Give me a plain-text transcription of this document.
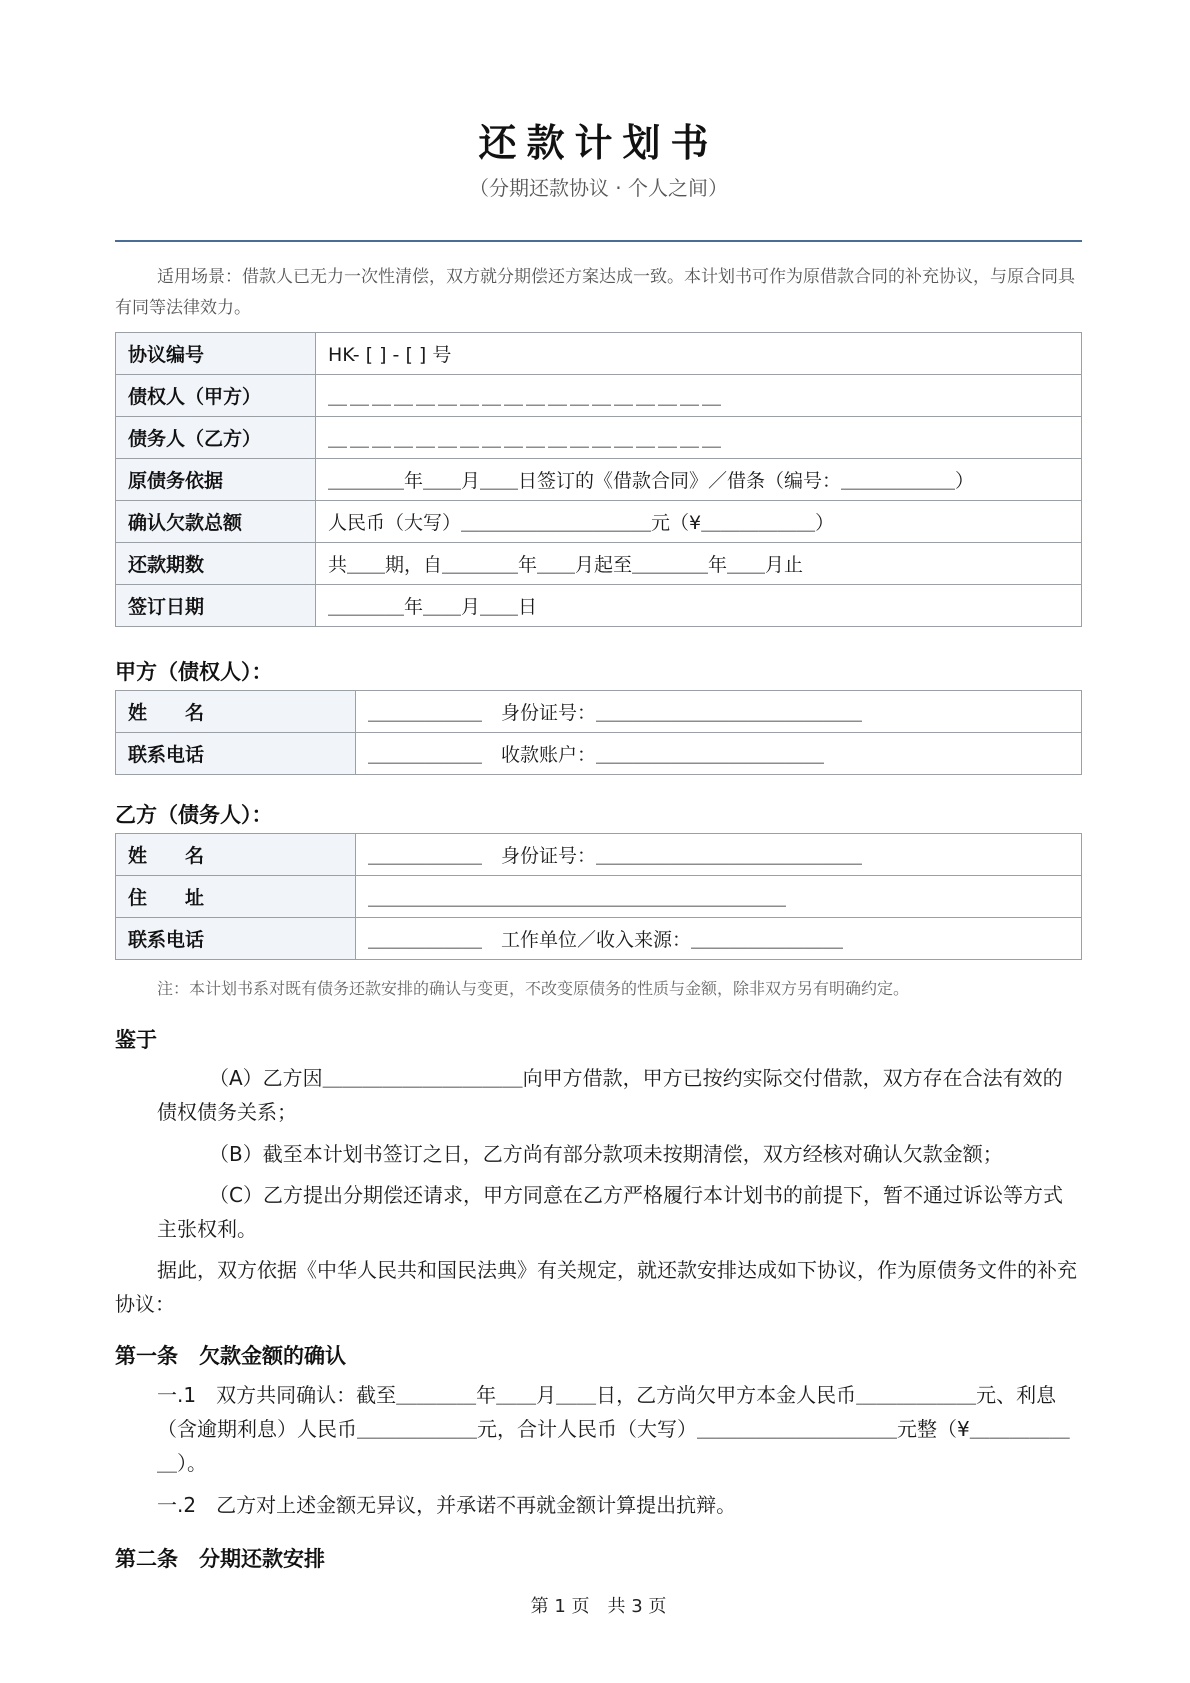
还款计划书
（分期还款协议 · 个人之间）
适用场景：借款人已无力一次性清偿，双方就分期偿还方案达成一致。本计划书可作为原借款合同的补充协议，与原合同具有同等法律效力。
协议编号	HK- [ ] - [ ] 号
债权人（甲方）	＿＿＿＿＿＿＿＿＿＿＿＿＿＿＿＿＿＿
债务人（乙方）	＿＿＿＿＿＿＿＿＿＿＿＿＿＿＿＿＿＿
原债务依据	＿＿＿＿年＿＿月＿＿日签订的《借款合同》／借条（编号：＿＿＿＿＿＿）
确认欠款总额	人民币（大写）＿＿＿＿＿＿＿＿＿＿元（¥＿＿＿＿＿＿）
还款期数	共＿＿期，自＿＿＿＿年＿＿月起至＿＿＿＿年＿＿月止
签订日期	＿＿＿＿年＿＿月＿＿日
甲方（债权人）：
姓　　名	＿＿＿＿＿＿　身份证号：＿＿＿＿＿＿＿＿＿＿＿＿＿＿
联系电话	＿＿＿＿＿＿　收款账户：＿＿＿＿＿＿＿＿＿＿＿＿
乙方（债务人）：
姓　　名	＿＿＿＿＿＿　身份证号：＿＿＿＿＿＿＿＿＿＿＿＿＿＿
住　　址	＿＿＿＿＿＿＿＿＿＿＿＿＿＿＿＿＿＿＿＿＿＿
联系电话	＿＿＿＿＿＿　工作单位／收入来源：＿＿＿＿＿＿＿＿
注：本计划书系对既有债务还款安排的确认与变更，不改变原债务的性质与金额，除非双方另有明确约定。
鉴于
（A）乙方因＿＿＿＿＿＿＿＿＿＿向甲方借款，甲方已按约实际交付借款，双方存在合法有效的债权债务关系；
（B）截至本计划书签订之日，乙方尚有部分款项未按期清偿，双方经核对确认欠款金额；
（C）乙方提出分期偿还请求，甲方同意在乙方严格履行本计划书的前提下，暂不通过诉讼等方式主张权利。
据此，双方依据《中华人民共和国民法典》有关规定，就还款安排达成如下协议，作为原债务文件的补充协议：
第一条　欠款金额的确认
一.1　双方共同确认：截至＿＿＿＿年＿＿月＿＿日，乙方尚欠甲方本金人民币＿＿＿＿＿＿元、利息（含逾期利息）人民币＿＿＿＿＿＿元，合计人民币（大写）＿＿＿＿＿＿＿＿＿＿元整（¥＿＿＿＿＿＿）。
一.2　乙方对上述金额无异议，并承诺不再就金额计算提出抗辩。
第二条　分期还款安排
第 1 页　共 3 页
